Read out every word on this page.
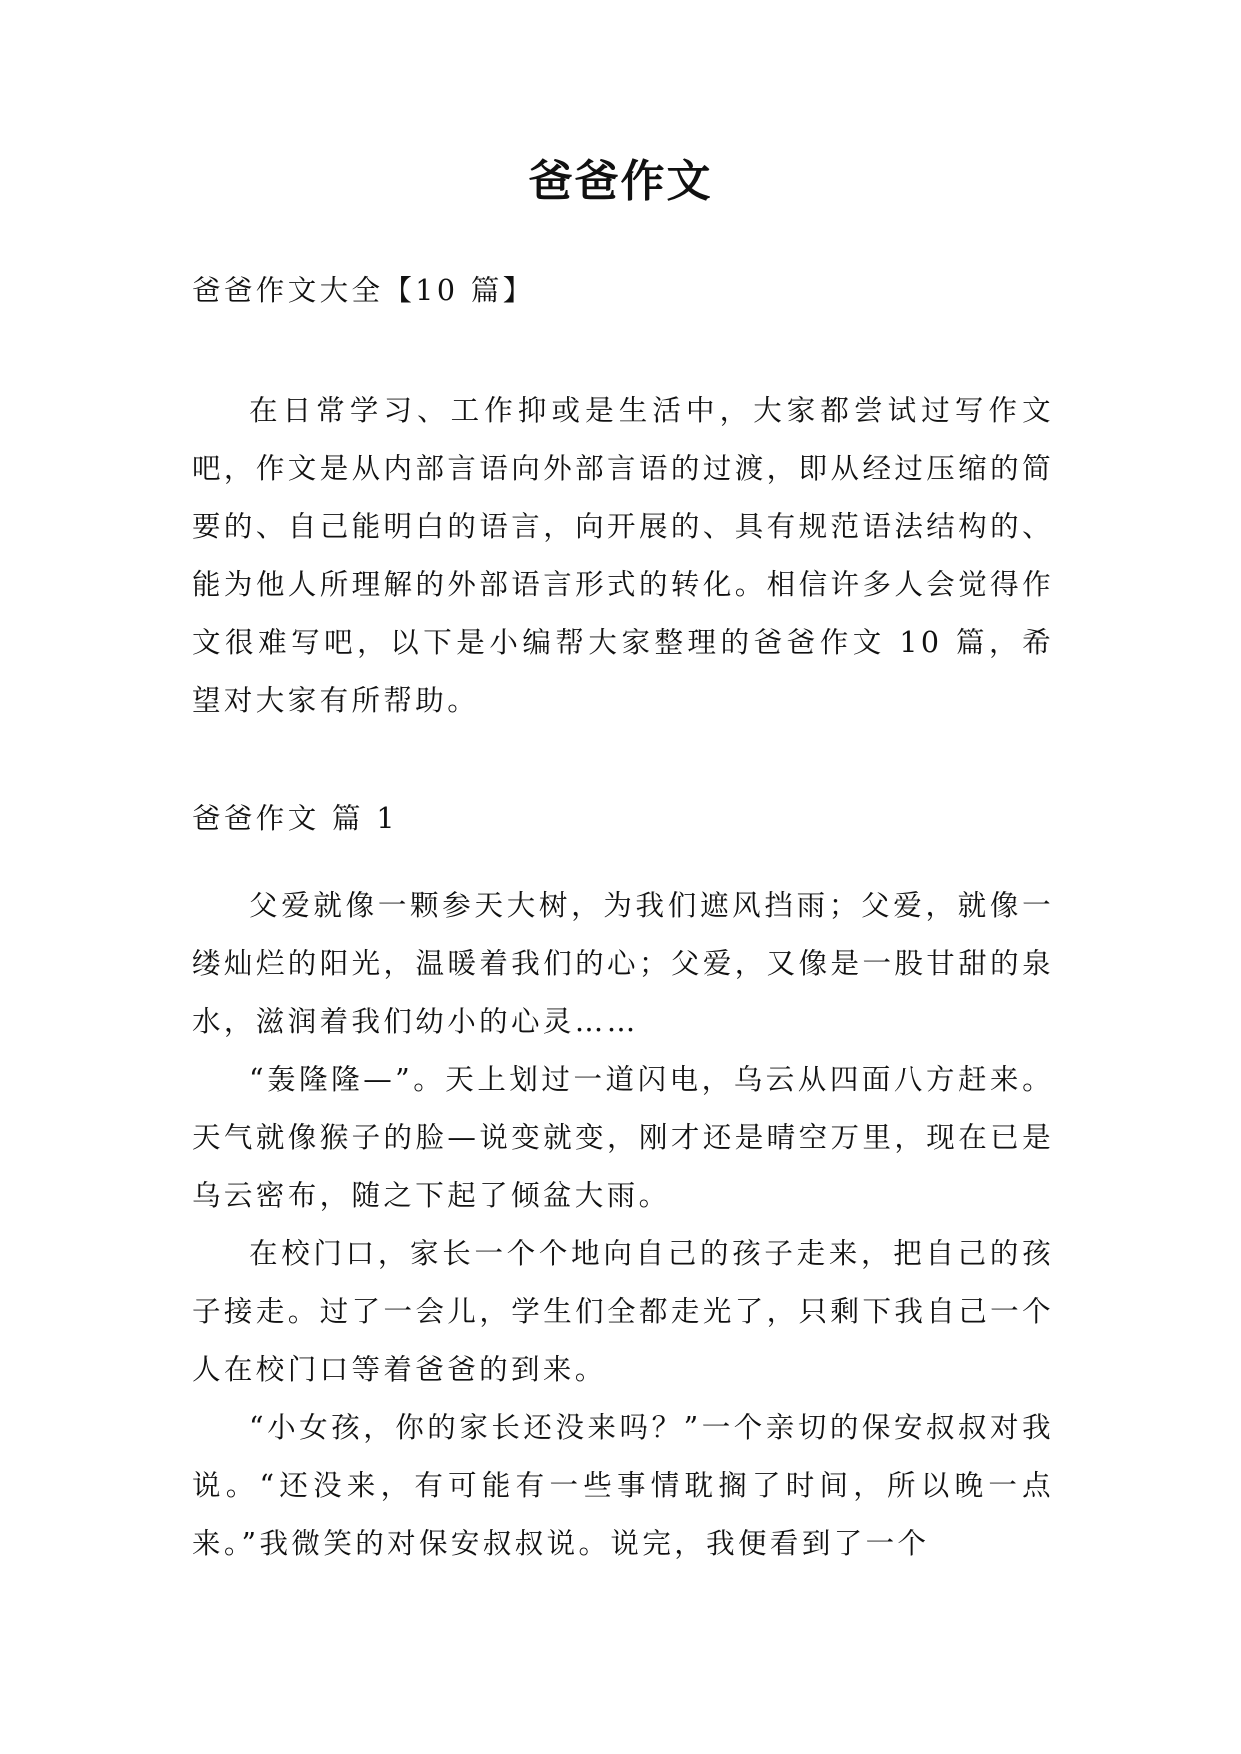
爸爸作文

爸爸作文大全【10 篇】

在日常学习、工作抑或是生活中，大家都尝试过写作文吧，作文是从内部言语向外部言语的过渡，即从经过压缩的简要的、自己能明白的语言，向开展的、具有规范语法结构的、能为他人所理解的外部语言形式的转化。相信许多人会觉得作文很难写吧，以下是小编帮大家整理的爸爸作文 10 篇，希望对大家有所帮助。

爸爸作文 篇 1

父爱就像一颗参天大树，为我们遮风挡雨；父爱，就像一缕灿烂的阳光，温暖着我们的心；父爱，又像是一股甘甜的泉水，滋润着我们幼小的心灵……

“轰隆隆—”。天上划过一道闪电，乌云从四面八方赶来。天气就像猴子的脸—说变就变，刚才还是晴空万里，现在已是乌云密布，随之下起了倾盆大雨。

在校门口，家长一个个地向自己的孩子走来，把自己的孩子接走。过了一会儿，学生们全都走光了，只剩下我自己一个人在校门口等着爸爸的到来。

“小女孩，你的家长还没来吗？”一个亲切的保安叔叔对我说。“还没来，有可能有一些事情耽搁了时间，所以晚一点来。”我微笑的对保安叔叔说。说完，我便看到了一个
